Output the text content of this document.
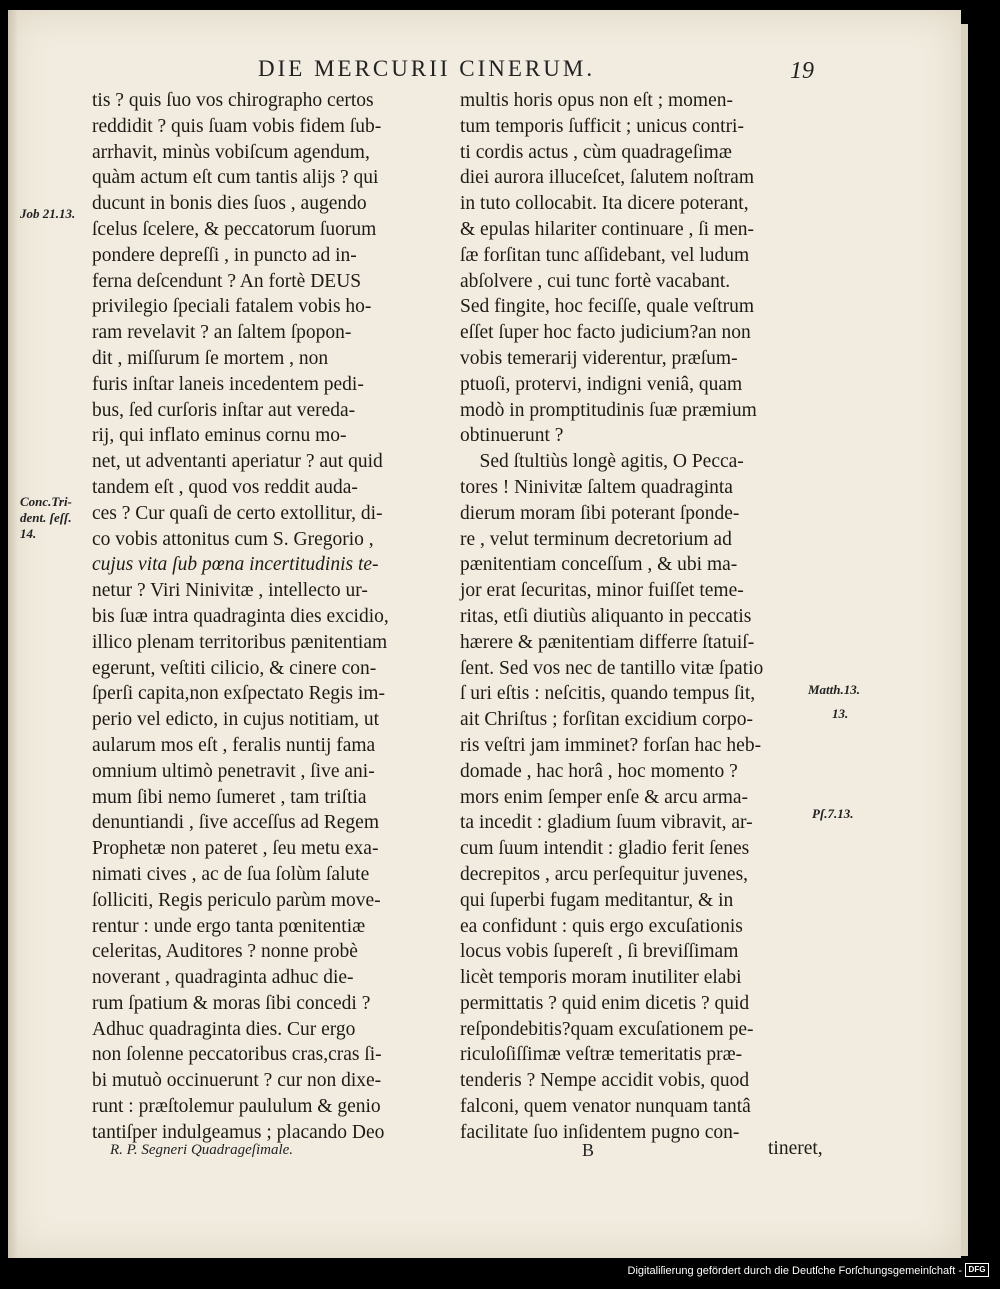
DIE MERCURII CINERUM.	19
tis ? quis ſuo vos chirographo certos
reddidit ? quis ſuam vobis fidem ſub-
arrhavit, minùs vobiſcum agendum,
quàm actum eſt cum tantis alijs ? qui
ducunt in bonis dies ſuos , augendo
ſcelus ſcelere, & peccatorum ſuorum
pondere depreſſi , in puncto ad in-
ferna deſcendunt ? An fortè DEUS
privilegio ſpeciali fatalem vobis ho-
ram revelavit ? an ſaltem ſpopon-
dit , miſſurum ſe mortem , non
furis inſtar laneis incedentem pedi-
bus, ſed curſoris inſtar aut vereda-
rij, qui inflato eminus cornu mo-
net, ut adventanti aperiatur ? aut quid
tandem eſt , quod vos reddit auda-
ces ? Cur quaſi de certo extollitur, di-
co vobis attonitus cum S. Gregorio ,
cujus vita ſub pœna incertitudinis te-
netur ? Viri Ninivitæ , intellecto ur-
bis ſuæ intra quadraginta dies excidio,
illico plenam territoribus pænitentiam
egerunt, veſtiti cilicio, & cinere con-
ſperſi capita,non exſpectato Regis im-
perio vel edicto, in cujus notitiam, ut
aularum mos eſt , feralis nuntij fama
omnium ultimò penetravit , ſive ani-
mum ſibi nemo ſumeret , tam triſtia
denuntiandi , ſive acceſſus ad Regem
Prophetæ non pateret , ſeu metu exa-
nimati cives , ac de ſua ſolùm ſalute
ſolliciti, Regis periculo parùm move-
rentur : unde ergo tanta pœnitentiæ
celeritas, Auditores ? nonne probè
noverant , quadraginta adhuc die-
rum ſpatium & moras ſibi concedi ?
Adhuc quadraginta dies. Cur ergo
non ſolenne peccatoribus cras,cras ſi-
bi mutuò occinuerunt ? cur non dixe-
runt : præſtolemur paululum & genio
tantiſper indulgeamus ; placando Deo
multis horis opus non eſt ; momen-
tum temporis ſufficit ; unicus contri-
ti cordis actus , cùm quadrageſimæ
diei aurora illuceſcet, ſalutem noſtram
in tuto collocabit. Ita dicere poterant,
& epulas hilariter continuare , ſi men-
ſæ forſitan tunc aſſidebant, vel ludum
abſolvere , cui tunc fortè vacabant.
Sed fingite, hoc feciſſe, quale veſtrum
eſſet ſuper hoc facto judicium?an non
vobis temerarij viderentur, præſum-
ptuoſi, protervi, indigni veniâ, quam
modò in promptitudinis ſuæ præmium
obtinuerunt ?
Sed ſtultiùs longè agitis, O Pecca-
tores ! Ninivitæ ſaltem quadraginta
dierum moram ſibi poterant ſponde-
re , velut terminum decretorium ad
pænitentiam conceſſum , & ubi ma-
jor erat ſecuritas, minor fuiſſet teme-
ritas, etſi diutiùs aliquanto in peccatis
hærere & pænitentiam differre ſtatuiſ-
ſent. Sed vos nec de tantillo vitæ ſpatio
ſ uri eſtis : neſcitis, quando tempus ſit,
ait Chriſtus ; forſitan excidium corpo-
ris veſtri jam imminet? forſan hac heb-
domade , hac horâ , hoc momento ?
mors enim ſemper enſe & arcu arma-
ta incedit : gladium ſuum vibravit, ar-
cum ſuum intendit : gladio ferit ſenes
decrepitos , arcu perſequitur juvenes,
qui ſuperbi fugam meditantur, & in
ea confidunt : quis ergo excuſationis
locus vobis ſupereſt , ſi breviſſimam
licèt temporis moram inutiliter elabi
permittatis ? quid enim dicetis ? quid
reſpondebitis?quam excuſationem pe-
riculoſiſſimæ veſtræ temeritatis præ-
tenderis ? Nempe accidit vobis, quod
falconi, quem venator nunquam tantâ
facilitate ſuo inſidentem pugno con-
Job 21.13.
Conc.Tri-
dent. ſeſſ.
14.
Matth.13.
13.
Pſ.7.13.
R. P. Segneri Quadrageſimale.	B	tineret,
Digitaliſierung gefördert durch die Deutſche Forſchungsgemeinſchaft - DFG
